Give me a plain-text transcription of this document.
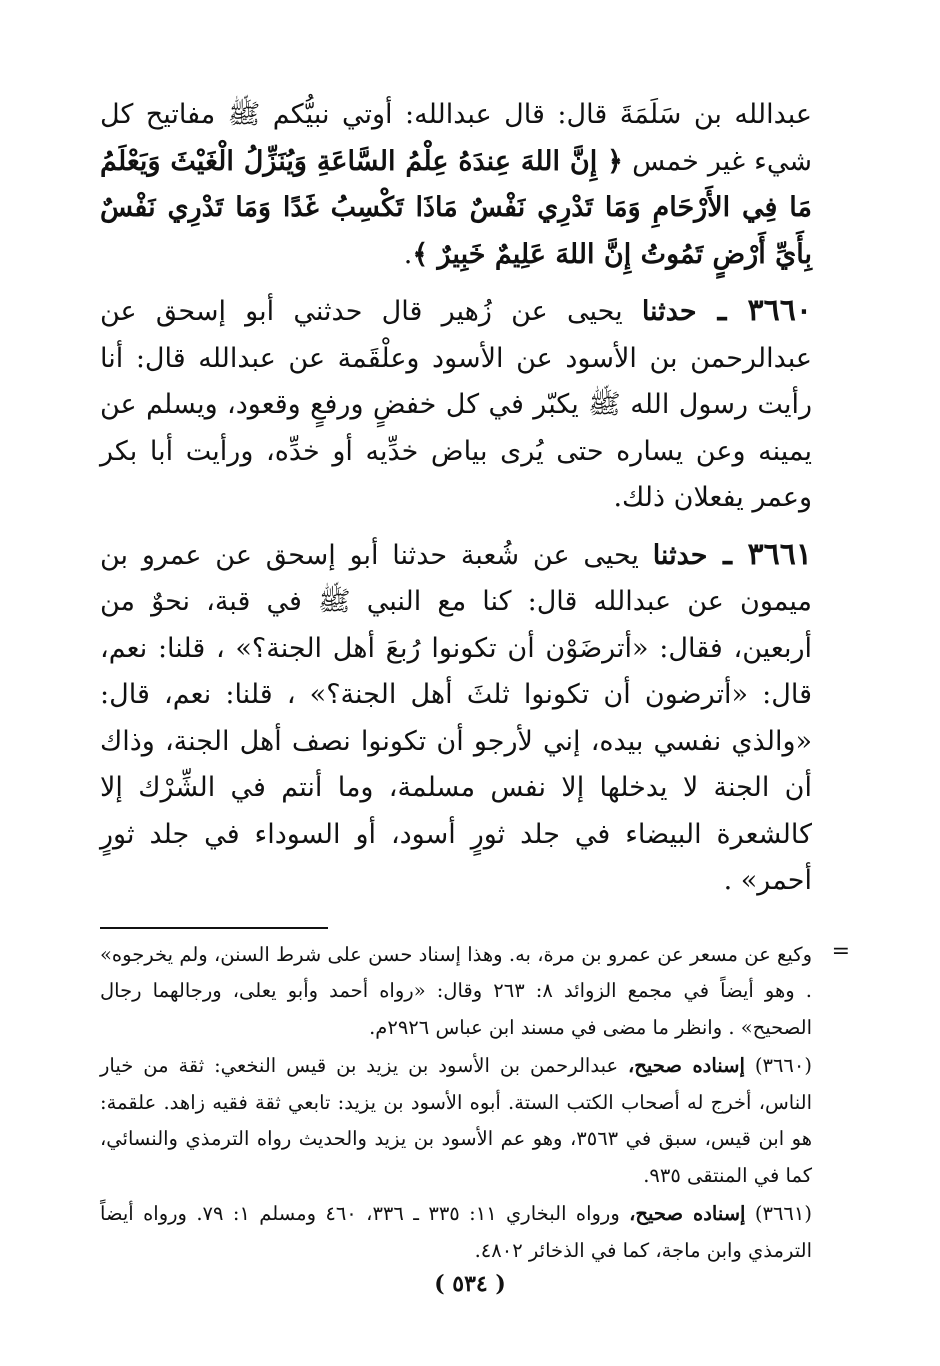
عبدالله بن سَلَمَةَ قال: قال عبدالله: أوتي نبيُّكم ﷺ مفاتيح كل شيء غير خمس ﴿ إِنَّ اللهَ عِندَهُ عِلْمُ السَّاعَةِ وَيُنَزِّلُ الْغَيْثَ وَيَعْلَمُ مَا فِي الأَرْحَامِ وَمَا تَدْرِي نَفْسٌ مَاذَا تَكْسِبُ غَدًا وَمَا تَدْرِي نَفْسٌ بِأَيِّ أَرْضٍ تَمُوتُ إِنَّ اللهَ عَلِيمٌ خَبِيرٌ ﴾.

٣٦٦٠ ـ حدثنا يحيى عن زُهير قال حدثني أبو إسحق عن عبدالرحمن بن الأسود عن الأسود وعلْقَمة عن عبدالله قال: أنا رأيت رسول الله ﷺ يكبّر في كل خفضٍ ورفعٍ وقعود، ويسلم عن يمينه وعن يساره حتى يُرى بياض خدِّيه أو خدِّه، ورأيت أبا بكر وعمر يفعلان ذلك.

٣٦٦١ ـ حدثنا يحيى عن شُعبة حدثنا أبو إسحق عن عمرو بن ميمون عن عبدالله قال: كنا مع النبي ﷺ في قبة، نحوٌ من أربعين، فقال: «أترضَوْن أن تكونوا رُبعَ أهل الجنة؟» ، قلنا: نعم، قال: «أترضون أن تكونوا ثلثَ أهل الجنة؟» ، قلنا: نعم، قال: «والذي نفسي بيده، إني لأرجو أن تكونوا نصف أهل الجنة، وذاك أن الجنة لا يدخلها إلا نفس مسلمة، وما أنتم في الشِّرْك إلا كالشعرة البيضاء في جلد ثورٍ أسود، أو السوداء في جلد ثورٍ أحمر» .

=

وكيع عن مسعر عن عمرو بن مرة، به. وهذا إسناد حسن على شرط السنن، ولم يخرجوه» . وهو أيضاً في مجمع الزوائد ٨: ٢٦٣ وقال: «رواه أحمد وأبو يعلى، ورجالهما رجال الصحيح» . وانظر ما مضى في مسند ابن عباس ٢٩٢٦م.

(٣٦٦٠) إسناده صحيح، عبدالرحمن بن الأسود بن يزيد بن قيس النخعي: ثقة من خيار الناس، أخرج له أصحاب الكتب الستة. أبوه الأسود بن يزيد: تابعي ثقة فقيه زاهد. علقمة: هو ابن قيس، سبق في ٣٥٦٣، وهو عم الأسود بن يزيد والحديث رواه الترمذي والنسائي، كما في المنتقى ٩٣٥.

(٣٦٦١) إسناده صحيح، ورواه البخاري ١١: ٣٣٥ ـ ٣٣٦، ٤٦٠ ومسلم ١: ٧٩. ورواه أيضاً الترمذي وابن ماجة، كما في الذخائر ٤٨٠٢.

( ٥٣٤ )
